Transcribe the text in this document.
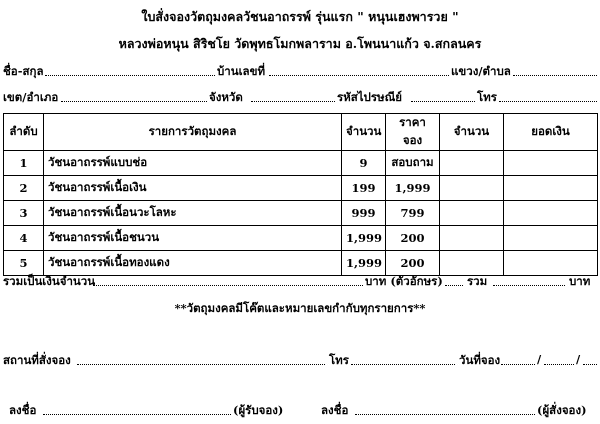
ใบสั่งจองวัตถุมงคลวัชนอาถรรพ์ รุ่นแรก " หนุนเฮงพารวย "
หลวงพ่อหนุน สิริชโย วัดพุทธโมกพลาราม อ.โพนนาแก้ว จ.สกลนคร
ชื่อ-สกุล	บ้านเลขที่	แขวง/ตำบล
เขต/อำเภอ	จังหวัด	รหัสไปรษณีย์	โทร
ลำดับ	รายการวัตถุมงคล	จำนวน	ราคาจอง	จำนวน	ยอดเงิน
1	วัชนอาถรรพ์แบบช่อ	9	สอบถาม		
2	วัชนอาถรรพ์เนื้อเงิน	199	1,999		
3	วัชนอาถรรพ์เนื้อนวะโลหะ	999	799		
4	วัชนอาถรรพ์เนื้อชนวน	1,999	200		
5	วัชนอาถรรพ์เนื้อทองแดง	1,999	200		
รวมเป็นเงินจำนวน	บาท (ตัวอักษร) รวม	บาท
**วัตถุมงคลมีโค๊ตและหมายเลขกำกับทุกรายการ**
สถานที่สั่งจอง	โทร	วันที่จอง	/	/
ลงชื่อ	(ผู้รับจอง)	ลงชื่อ	(ผู้สั่งจอง)
